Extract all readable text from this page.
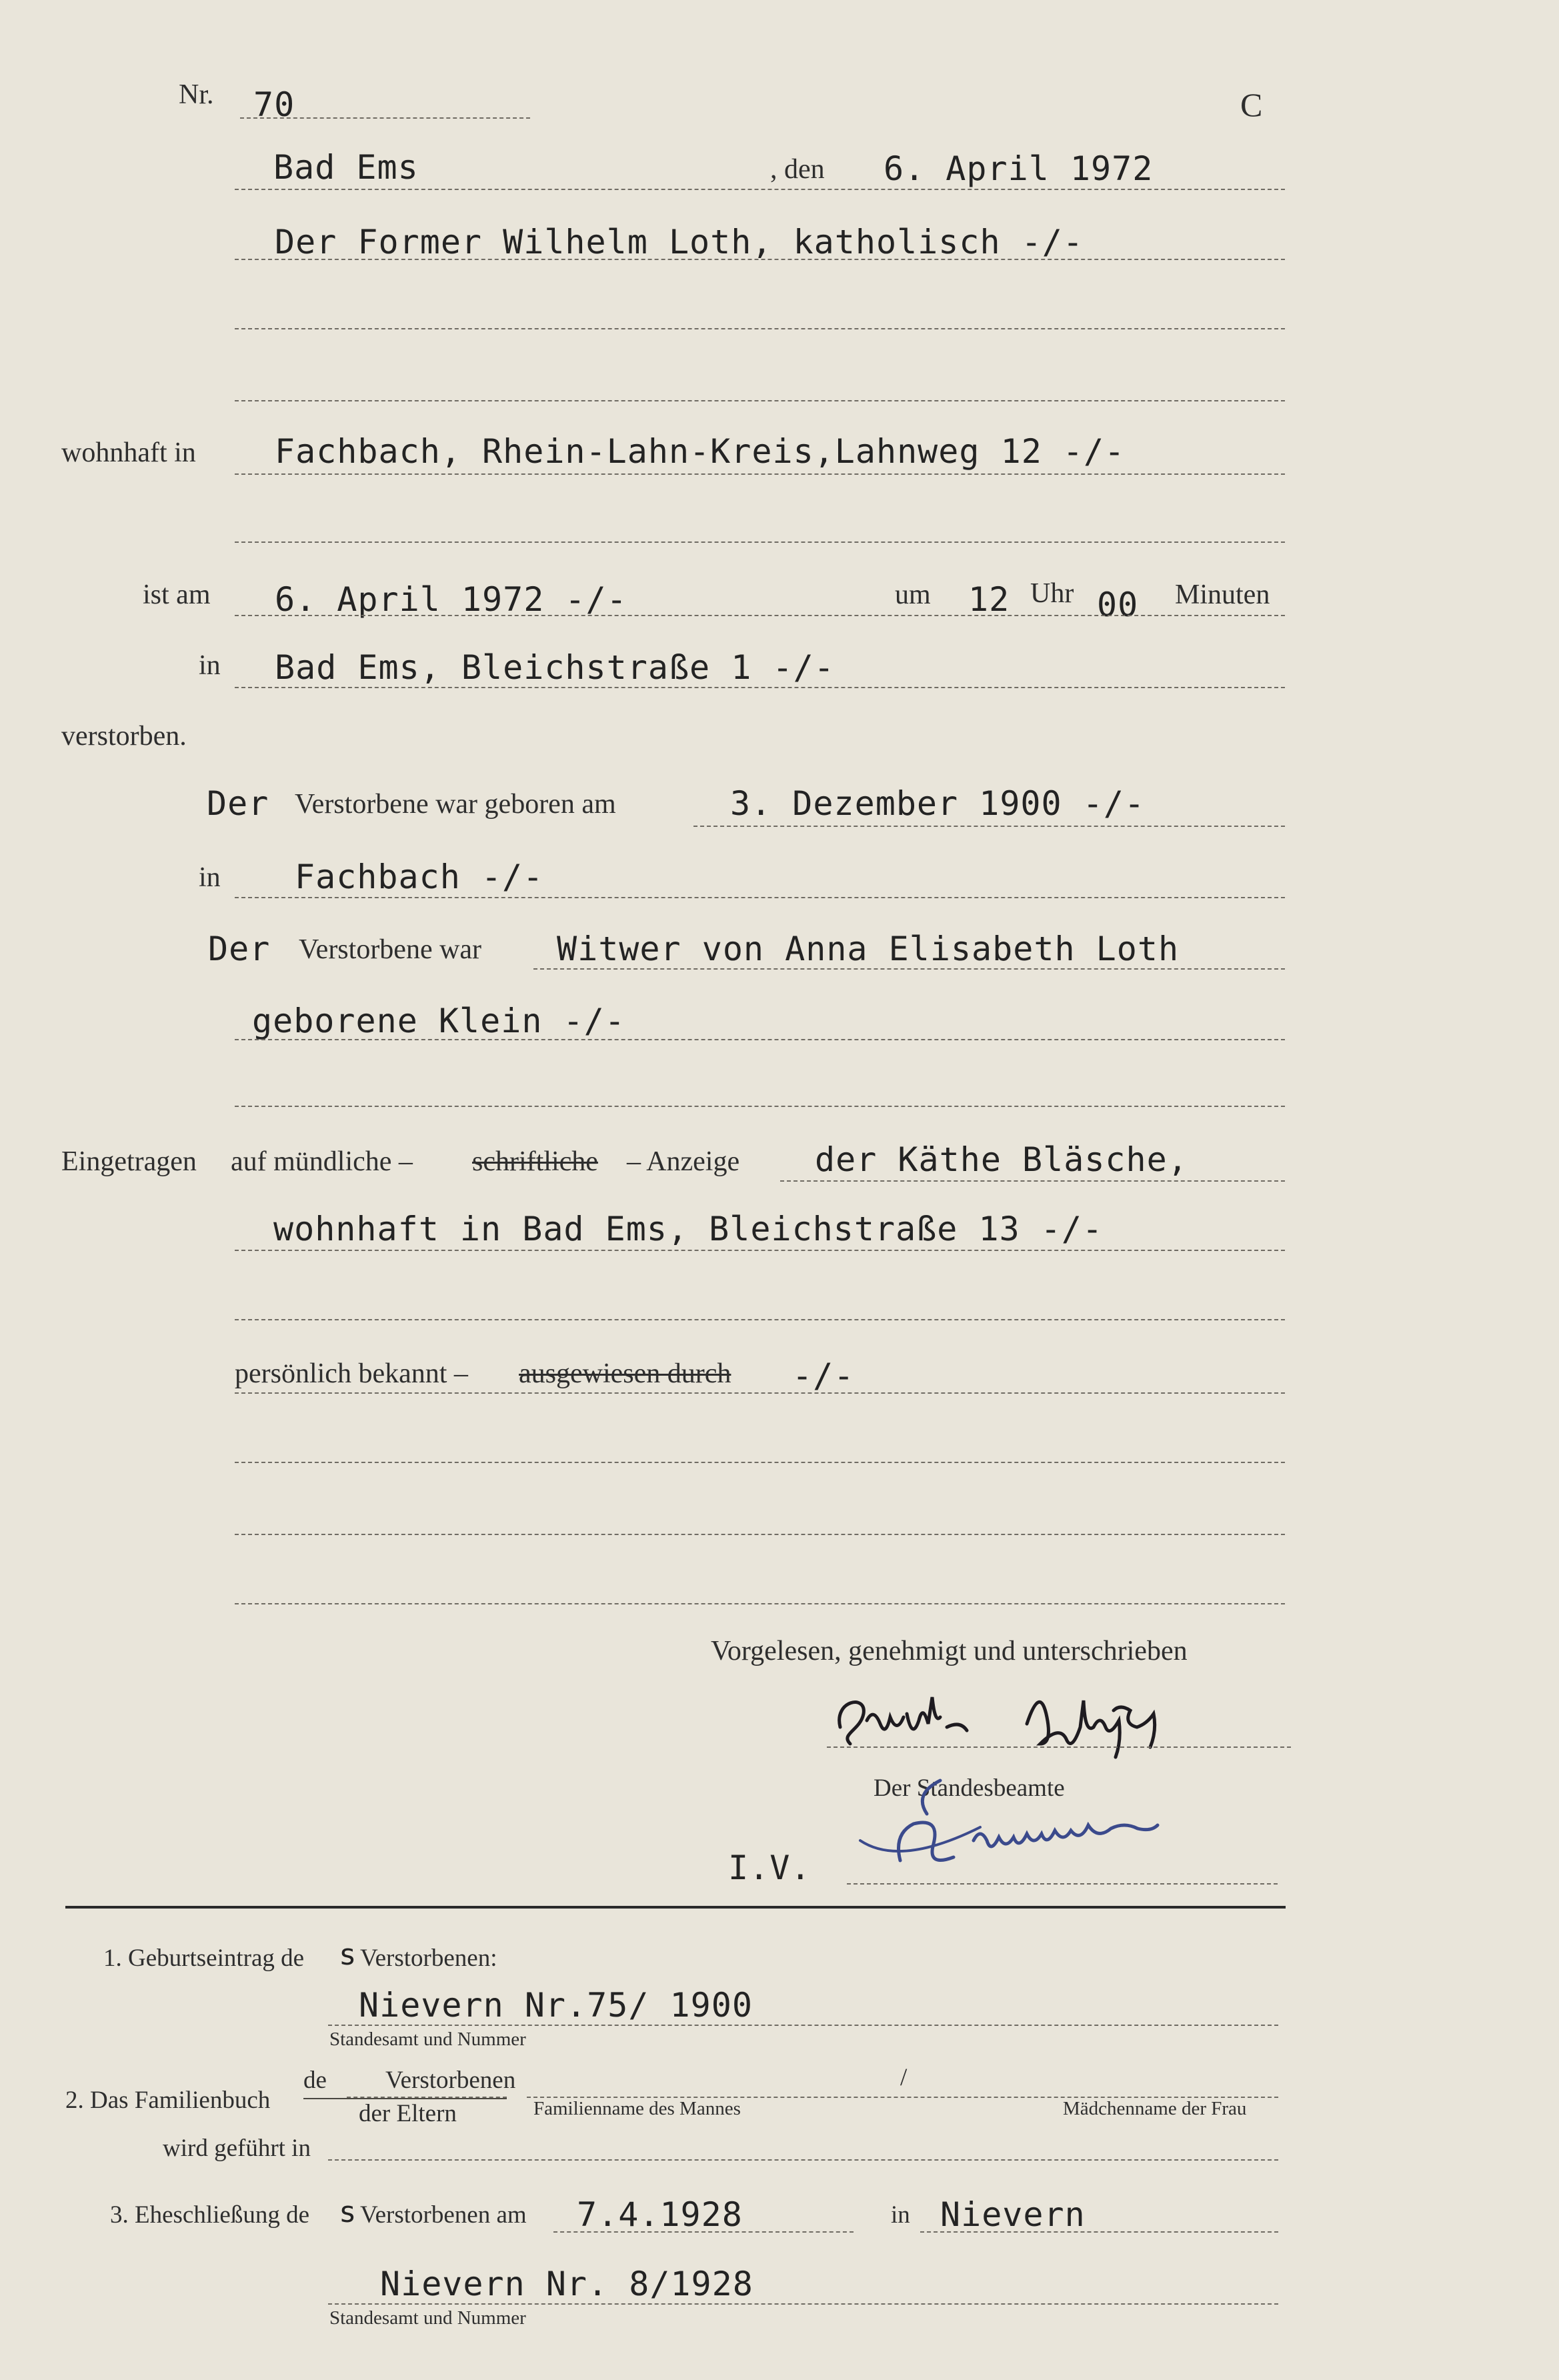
Nr. 70	C
Bad Ems	, den 6. April 1972
Der Former Wilhelm Loth, katholisch -/-
wohnhaft in Fachbach, Rhein-Lahn-Kreis,Lahnweg 12 -/-
ist am 6. April 1972 -/-	um 12 Uhr 00 Minuten
in Bad Ems, Bleichstraße 1 -/-
verstorben.
Der Verstorbene war geboren am	3. Dezember 1900 -/-
in Fachbach -/-
Der Verstorbene war Witwer von Anna Elisabeth Loth
geborene Klein -/-
Eingetragen auf mündliche – schriftliche – Anzeige der Käthe Bläsche,
wohnhaft in Bad Ems, Bleichstraße 13 -/-
persönlich bekannt – ausgewiesen durch -/-
Vorgelesen, genehmigt und unterschrieben
Der Standesbeamte
I.V.
1. Geburtseintrag de s Verstorbenen:
Nievern Nr.75/ 1900
Standesamt und Nummer
de Verstorbenen
2. Das Familienbuch	der Eltern
/
Familienname des Mannes	Mädchenname der Frau
wird geführt in
3. Eheschließung de s Verstorbenen am 7.4.1928	in Nievern
Nievern Nr. 8/1928
Standesamt und Nummer
